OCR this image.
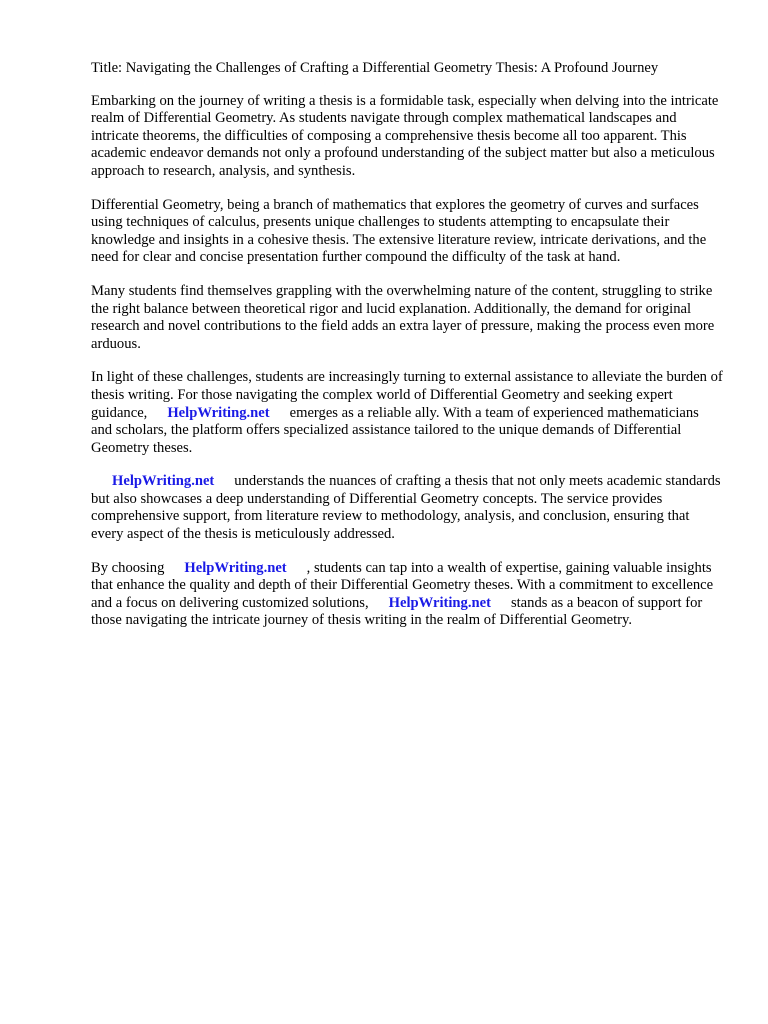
Title: Navigating the Challenges of Crafting a Differential Geometry Thesis: A Profound Journey

Embarking on the journey of writing a thesis is a formidable task, especially when delving into the intricate realm of Differential Geometry. As students navigate through complex mathematical landscapes and intricate theorems, the difficulties of composing a comprehensive thesis become all too apparent. This academic endeavor demands not only a profound understanding of the subject matter but also a meticulous approach to research, analysis, and synthesis.

Differential Geometry, being a branch of mathematics that explores the geometry of curves and surfaces using techniques of calculus, presents unique challenges to students attempting to encapsulate their knowledge and insights in a cohesive thesis. The extensive literature review, intricate derivations, and the need for clear and concise presentation further compound the difficulty of the task at hand.

Many students find themselves grappling with the overwhelming nature of the content, struggling to strike the right balance between theoretical rigor and lucid explanation. Additionally, the demand for original research and novel contributions to the field adds an extra layer of pressure, making the process even more arduous.

In light of these challenges, students are increasingly turning to external assistance to alleviate the burden of thesis writing. For those navigating the complex world of Differential Geometry and seeking expert guidance, HelpWriting.net emerges as a reliable ally. With a team of experienced mathematicians and scholars, the platform offers specialized assistance tailored to the unique demands of Differential Geometry theses.

HelpWriting.net understands the nuances of crafting a thesis that not only meets academic standards but also showcases a deep understanding of Differential Geometry concepts. The service provides comprehensive support, from literature review to methodology, analysis, and conclusion, ensuring that every aspect of the thesis is meticulously addressed.

By choosing HelpWriting.net , students can tap into a wealth of expertise, gaining valuable insights that enhance the quality and depth of their Differential Geometry theses. With a commitment to excellence and a focus on delivering customized solutions, HelpWriting.net stands as a beacon of support for those navigating the intricate journey of thesis writing in the realm of Differential Geometry.
